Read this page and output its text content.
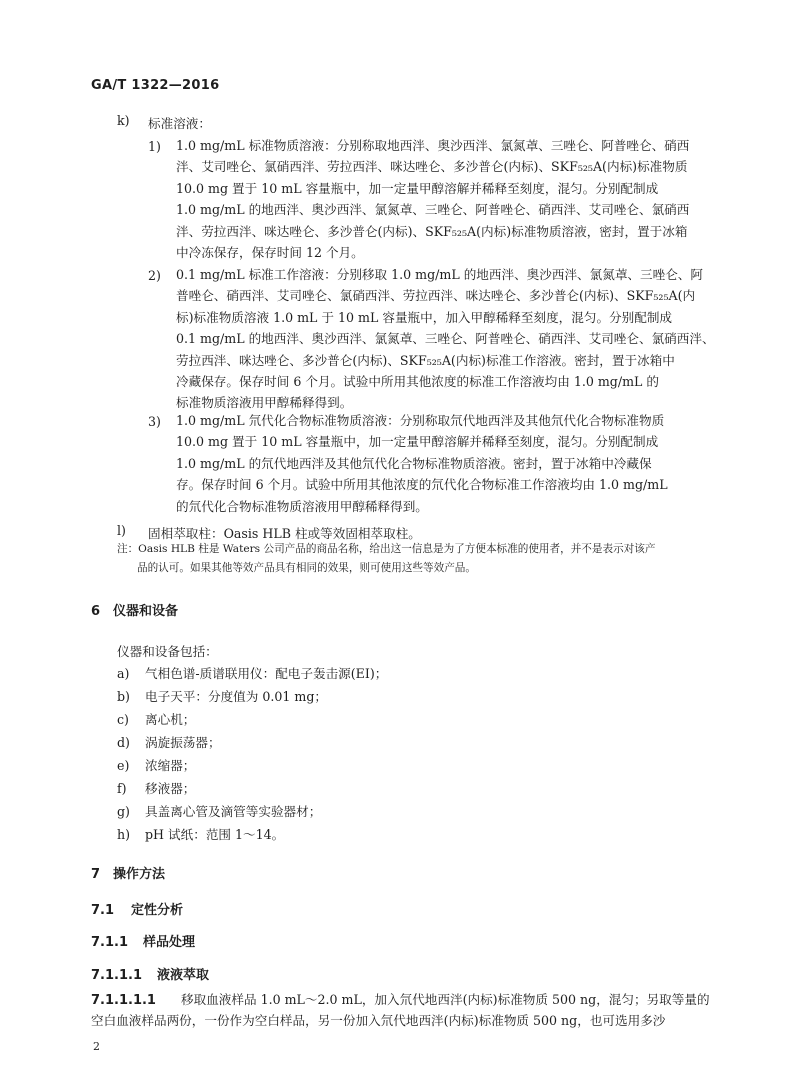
GA/T 1322—2016
k) 标准溶液：
1) 1.0 mg/mL 标准物质溶液：分别称取地西泮、奥沙西泮、氯氮䓬、三唑仑、阿普唑仑、硝西
泮、艾司唑仑、氯硝西泮、劳拉西泮、咪达唑仑、多沙普仑(内标)、SKF₅₂₅A(内标)标准物质
10.0 mg 置于 10 mL 容量瓶中，加一定量甲醇溶解并稀释至刻度，混匀。分别配制成
1.0 mg/mL 的地西泮、奥沙西泮、氯氮䓬、三唑仑、阿普唑仑、硝西泮、艾司唑仑、氯硝西
泮、劳拉西泮、咪达唑仑、多沙普仑(内标)、SKF₅₂₅A(内标)标准物质溶液，密封，置于冰箱
中冷冻保存，保存时间 12 个月。
2) 0.1 mg/mL 标准工作溶液：分别移取 1.0 mg/mL 的地西泮、奥沙西泮、氯氮䓬、三唑仑、阿
普唑仑、硝西泮、艾司唑仑、氯硝西泮、劳拉西泮、咪达唑仑、多沙普仑(内标)、SKF₅₂₅A(内
标)标准物质溶液 1.0 mL 于 10 mL 容量瓶中，加入甲醇稀释至刻度，混匀。分别配制成
0.1 mg/mL 的地西泮、奥沙西泮、氯氮䓬、三唑仑、阿普唑仑、硝西泮、艾司唑仑、氯硝西泮、
劳拉西泮、咪达唑仑、多沙普仑(内标)、SKF₅₂₅A(内标)标准工作溶液。密封，置于冰箱中
冷藏保存。保存时间 6 个月。试验中所用其他浓度的标准工作溶液均由 1.0 mg/mL 的
标准物质溶液用甲醇稀释得到。
3) 1.0 mg/mL 氘代化合物标准物质溶液：分别称取氘代地西泮及其他氘代化合物标准物质
10.0 mg 置于 10 mL 容量瓶中，加一定量甲醇溶解并稀释至刻度，混匀。分别配制成
1.0 mg/mL 的氘代地西泮及其他氘代化合物标准物质溶液。密封，置于冰箱中冷藏保
存。保存时间 6 个月。试验中所用其他浓度的氘代化合物标准工作溶液均由 1.0 mg/mL
的氘代化合物标准物质溶液用甲醇稀释得到。
l) 固相萃取柱：Oasis HLB 柱或等效固相萃取柱。
注：Oasis HLB 柱是 Waters 公司产品的商品名称，给出这一信息是为了方便本标准的使用者，并不是表示对该产
品的认可。如果其他等效产品具有相同的效果，则可使用这些等效产品。
6 仪器和设备
仪器和设备包括：
a) 气相色谱-质谱联用仪：配电子轰击源(EI)；
b) 电子天平：分度值为 0.01 mg；
c) 离心机；
d) 涡旋振荡器；
e) 浓缩器；
f) 移液器；
g) 具盖离心管及滴管等实验器材；
h) pH 试纸：范围 1～14。
7 操作方法
7.1 定性分析
7.1.1 样品处理
7.1.1.1 液液萃取
7.1.1.1.1	移取血液样品 1.0 mL～2.0 mL，加入氘代地西泮(内标)标准物质 500 ng，混匀；另取等量的
空白血液样品两份，一份作为空白样品，另一份加入氘代地西泮(内标)标准物质 500 ng，也可选用多沙
2
